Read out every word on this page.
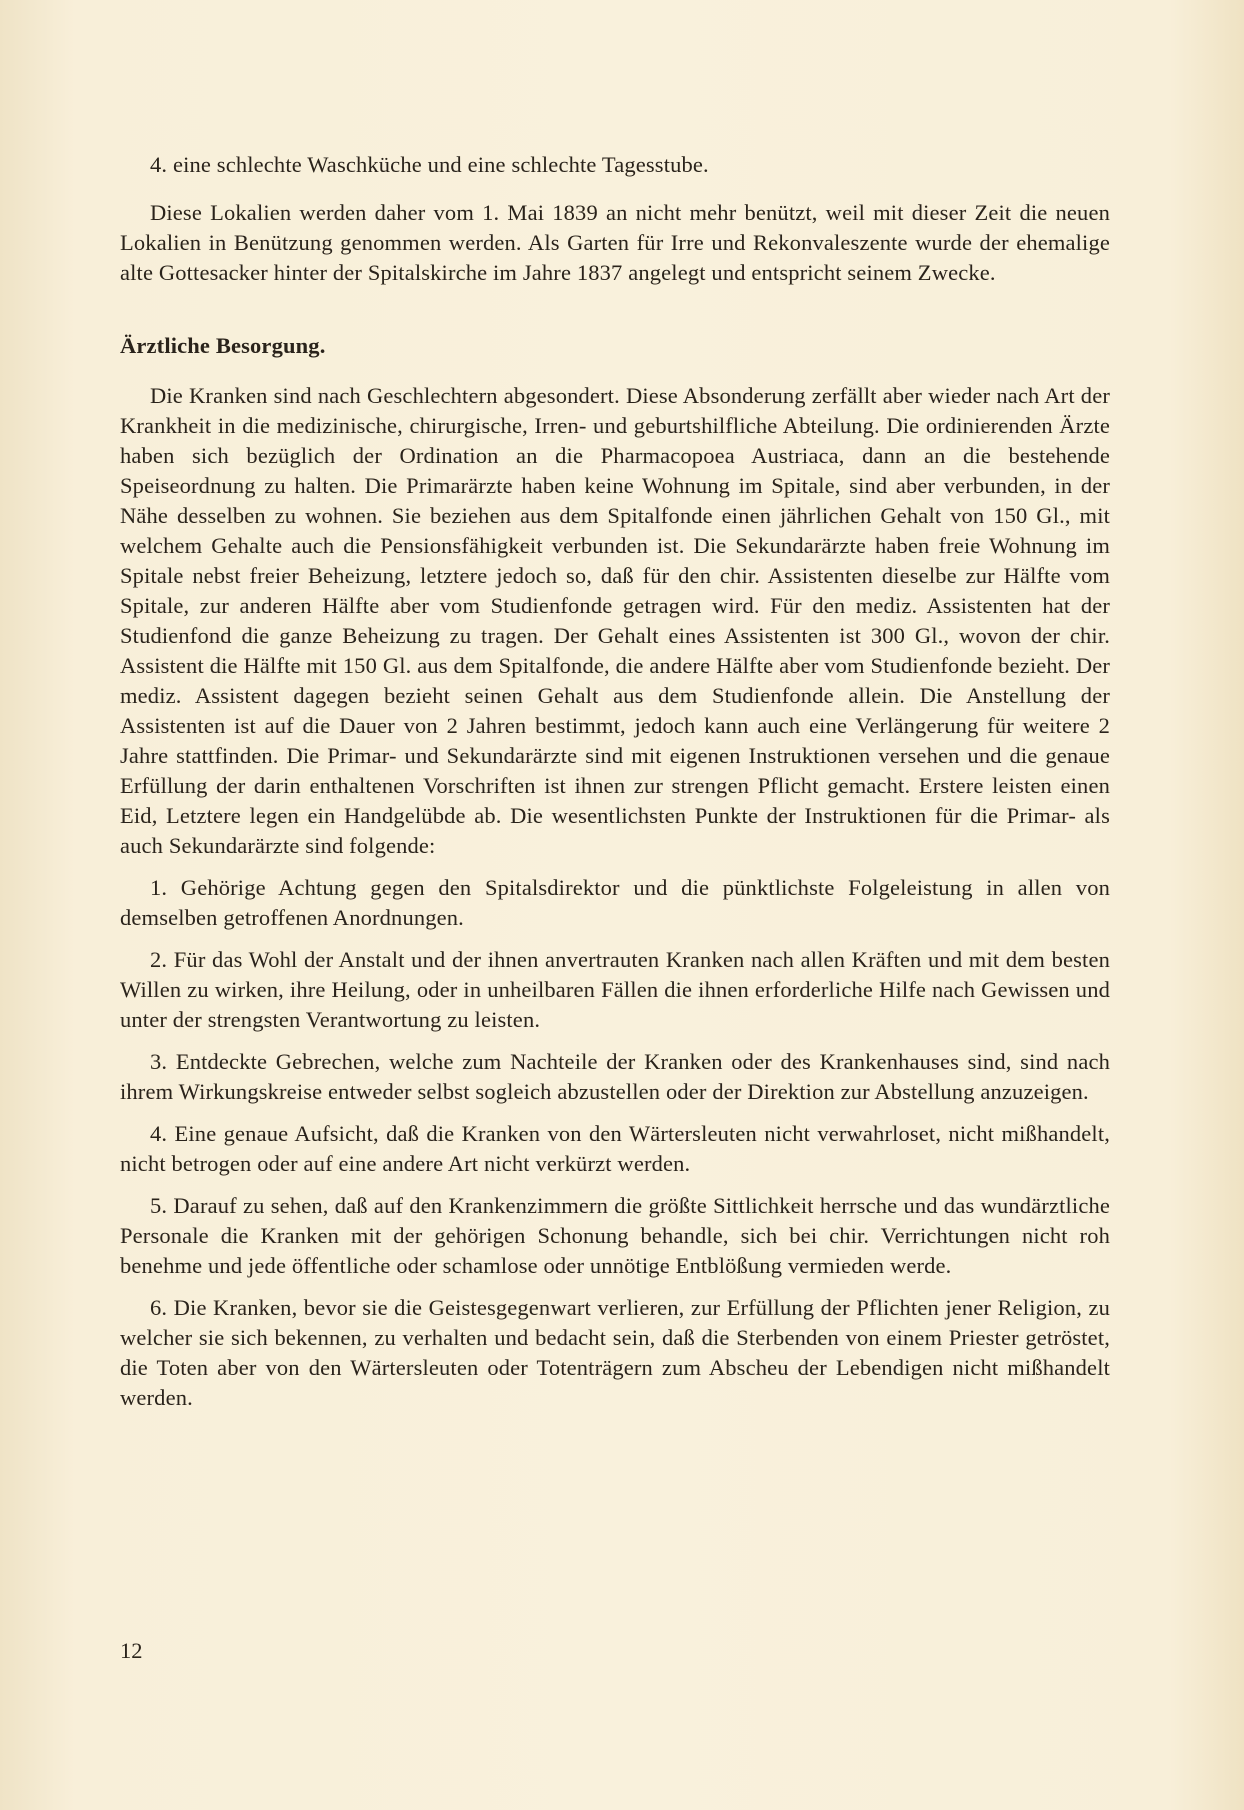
4. eine schlechte Waschküche und eine schlechte Tagesstube.

Diese Lokalien werden daher vom 1. Mai 1839 an nicht mehr benützt, weil mit dieser Zeit die neuen Lokalien in Benützung genommen werden. Als Garten für Irre und Rekonvaleszente wurde der ehemalige alte Gottesacker hinter der Spitalskirche im Jahre 1837 angelegt und entspricht seinem Zwecke.

Ärztliche Besorgung.

Die Kranken sind nach Geschlechtern abgesondert. Diese Absonderung zerfällt aber wieder nach Art der Krankheit in die medizinische, chirurgische, Irren- und geburtshilfliche Abteilung. Die ordinierenden Ärzte haben sich bezüglich der Ordination an die Pharmacopoea Austriaca, dann an die bestehende Speiseordnung zu halten. Die Primarärzte haben keine Wohnung im Spitale, sind aber verbunden, in der Nähe desselben zu wohnen. Sie beziehen aus dem Spitalfonde einen jährlichen Gehalt von 150 Gl., mit welchem Gehalte auch die Pensionsfähigkeit verbunden ist. Die Sekundarärzte haben freie Wohnung im Spitale nebst freier Beheizung, letztere jedoch so, daß für den chir. Assistenten dieselbe zur Hälfte vom Spitale, zur anderen Hälfte aber vom Studienfonde getragen wird. Für den mediz. Assistenten hat der Studienfond die ganze Beheizung zu tragen. Der Gehalt eines Assistenten ist 300 Gl., wovon der chir. Assistent die Hälfte mit 150 Gl. aus dem Spitalfonde, die andere Hälfte aber vom Studienfonde bezieht. Der mediz. Assistent dagegen bezieht seinen Gehalt aus dem Studienfonde allein. Die Anstellung der Assistenten ist auf die Dauer von 2 Jahren bestimmt, jedoch kann auch eine Verlängerung für weitere 2 Jahre stattfinden. Die Primar- und Sekundarärzte sind mit eigenen Instruktionen versehen und die genaue Erfüllung der darin enthaltenen Vorschriften ist ihnen zur strengen Pflicht gemacht. Erstere leisten einen Eid, Letztere legen ein Handgelübde ab. Die wesentlichsten Punkte der Instruktionen für die Primar- als auch Sekundarärzte sind folgende:

1. Gehörige Achtung gegen den Spitalsdirektor und die pünktlichste Folgeleistung in allen von demselben getroffenen Anordnungen.

2. Für das Wohl der Anstalt und der ihnen anvertrauten Kranken nach allen Kräften und mit dem besten Willen zu wirken, ihre Heilung, oder in unheilbaren Fällen die ihnen erforderliche Hilfe nach Gewissen und unter der strengsten Verantwortung zu leisten.

3. Entdeckte Gebrechen, welche zum Nachteile der Kranken oder des Krankenhauses sind, sind nach ihrem Wirkungskreise entweder selbst sogleich abzustellen oder der Direktion zur Abstellung anzuzeigen.

4. Eine genaue Aufsicht, daß die Kranken von den Wärtersleuten nicht verwahrloset, nicht mißhandelt, nicht betrogen oder auf eine andere Art nicht verkürzt werden.

5. Darauf zu sehen, daß auf den Krankenzimmern die größte Sittlichkeit herrsche und das wundärztliche Personale die Kranken mit der gehörigen Schonung behandle, sich bei chir. Verrichtungen nicht roh benehme und jede öffentliche oder schamlose oder unnötige Entblößung vermieden werde.

6. Die Kranken, bevor sie die Geistesgegenwart verlieren, zur Erfüllung der Pflichten jener Religion, zu welcher sie sich bekennen, zu verhalten und bedacht sein, daß die Sterbenden von einem Priester getröstet, die Toten aber von den Wärtersleuten oder Totenträgern zum Abscheu der Lebendigen nicht mißhandelt werden.

12
